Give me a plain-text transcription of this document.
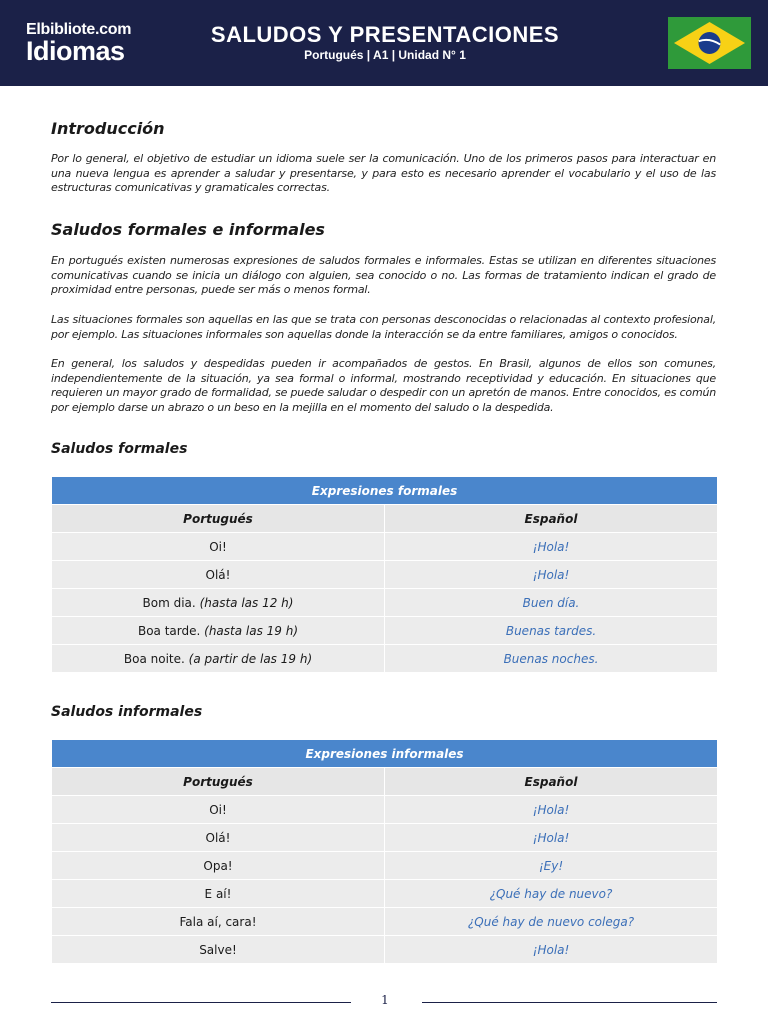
Elbibliote.com
Idiomas
SALUDOS Y PRESENTACIONES
Portugués | A1 | Unidad N° 1
Introducción

Por lo general, el objetivo de estudiar un idioma suele ser la comunicación. Uno de los primeros pasos para interactuar en una nueva lengua es aprender a saludar y presentarse, y para esto es necesario aprender el vocabulario y el uso de las estructuras comunicativas y gramaticales correctas.

Saludos formales e informales

En portugués existen numerosas expresiones de saludos formales e informales. Estas se utilizan en diferentes situaciones comunicativas cuando se inicia un diálogo con alguien, sea conocido o no. Las formas de tratamiento indican el grado de proximidad entre personas, puede ser más o menos formal.

Las situaciones formales son aquellas en las que se trata con personas desconocidas o relacionadas al contexto profesional, por ejemplo. Las situaciones informales son aquellas donde la interacción se da entre familiares, amigos o conocidos.

En general, los saludos y despedidas pueden ir acompañados de gestos. En Brasil, algunos de ellos son comunes, independientemente de la situación, ya sea formal o informal, mostrando receptividad y educación. En situaciones que requieren un mayor grado de formalidad, se puede saludar o despedir con un apretón de manos. Entre conocidos, es común por ejemplo darse un abrazo o un beso en la mejilla en el momento del saludo o la despedida.

Saludos formales
Expresiones formales	
Portugués	Español
Oi!	¡Hola!
Olá!	¡Hola!
Bom dia. (hasta las 12 h)	Buen día.
Boa tarde. (hasta las 19 h)	Buenas tardes.
Boa noite. (a partir de las 19 h)	Buenas noches.
Saludos informales
Expresiones informales	
Portugués	Español
Oi!	¡Hola!
Olá!	¡Hola!
Opa!	¡Ey!
E aí!	¿Qué hay de nuevo?
Fala aí, cara!	¿Qué hay de nuevo colega?
Salve!	¡Hola!
1
